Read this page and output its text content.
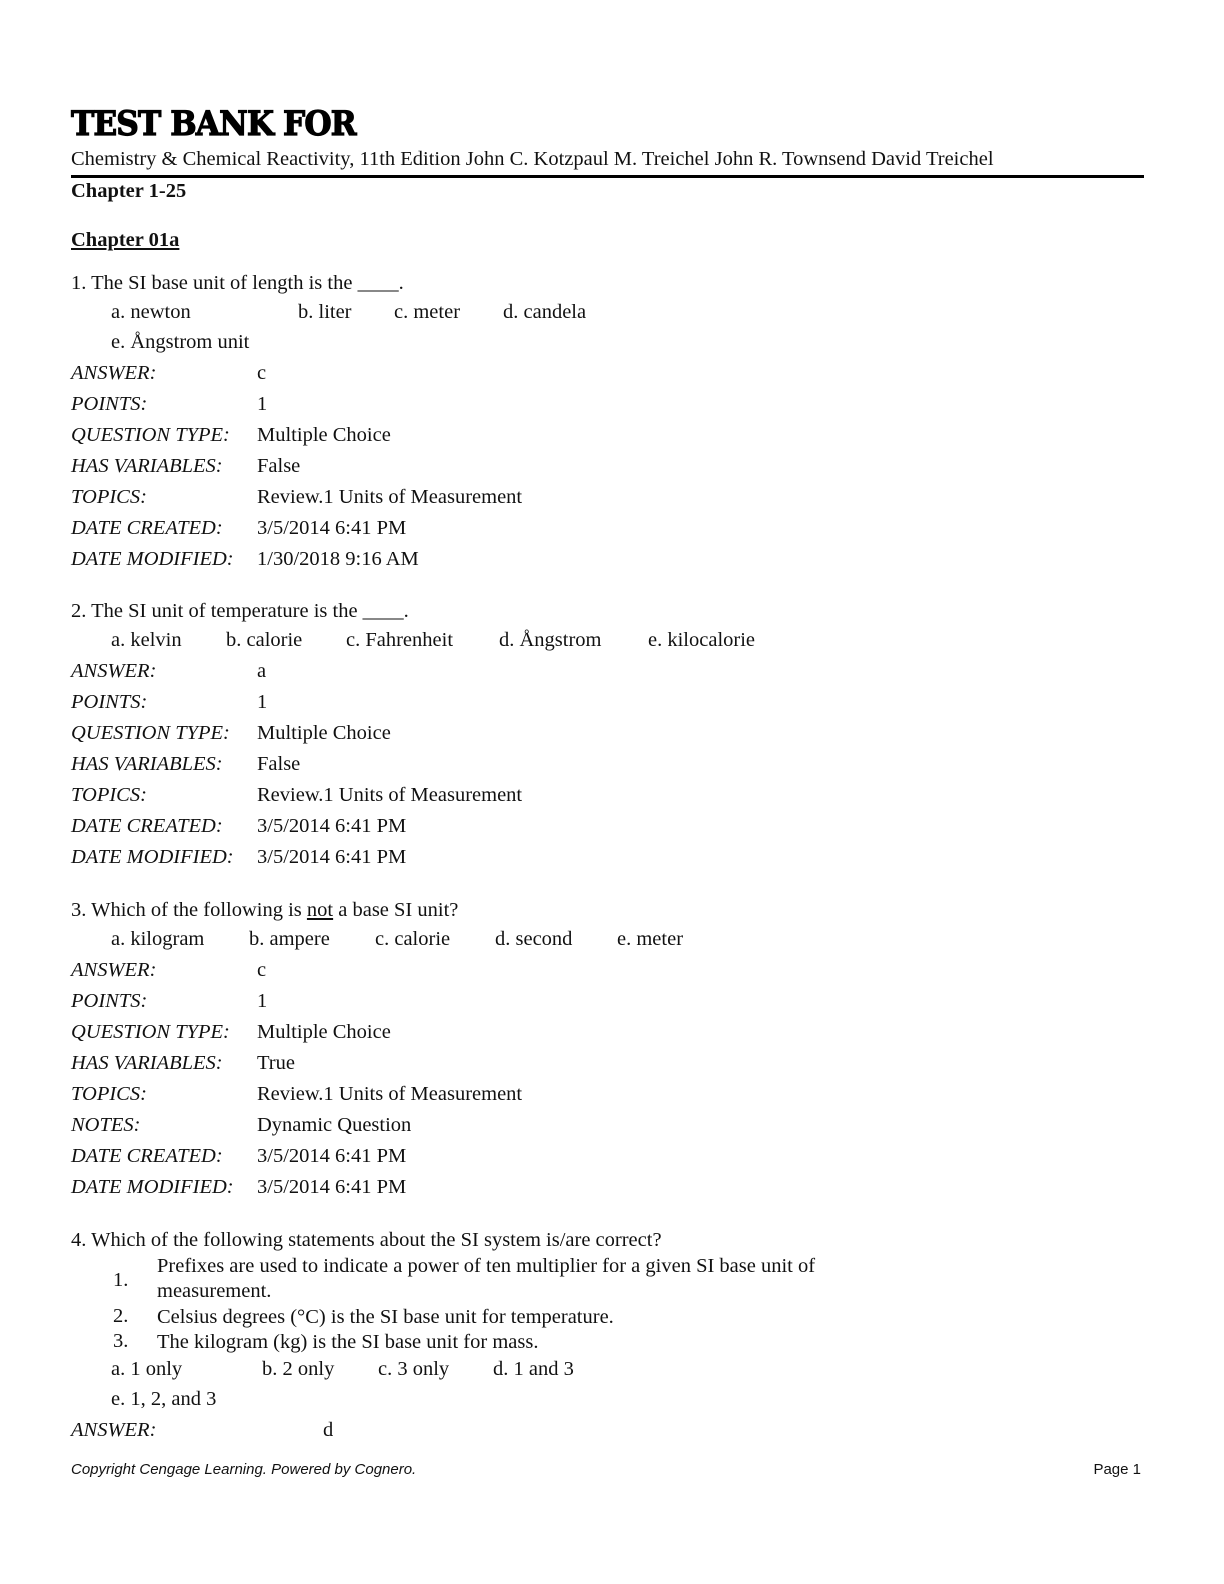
TEST BANK FOR
Chemistry & Chemical Reactivity, 11th Edition John C. Kotzpaul M. Treichel John R. Townsend David Treichel
Chapter 1-25
Chapter 01a
1. The SI base unit of length is the ____.
a. newton	b. liter c. meter d. candela
e. Ångstrom unit
ANSWER:	c
POINTS:	1
QUESTION TYPE: Multiple Choice
HAS VARIABLES: False
TOPICS:	Review.1 Units of Measurement
DATE CREATED: 3/5/2014 6:41 PM
DATE MODIFIED: 1/30/2018 9:16 AM
2. The SI unit of temperature is the ____.
a. kelvin b. calorie c. Fahrenheit d. Ångstrom e. kilocalorie
ANSWER:	a
POINTS:	1
QUESTION TYPE: Multiple Choice
HAS VARIABLES: False
TOPICS:	Review.1 Units of Measurement
DATE CREATED: 3/5/2014 6:41 PM
DATE MODIFIED: 3/5/2014 6:41 PM
3. Which of the following is not a base SI unit?
a. kilogram b. ampere c. calorie d. second e. meter
ANSWER:	c
POINTS:	1
QUESTION TYPE: Multiple Choice
HAS VARIABLES: True
TOPICS:	Review.1 Units of Measurement
NOTES:	Dynamic Question
DATE CREATED: 3/5/2014 6:41 PM
DATE MODIFIED: 3/5/2014 6:41 PM
4. Which of the following statements about the SI system is/are correct?
1.
Prefixes are used to indicate a power of ten multiplier for a given SI base unit of measurement.
2. Celsius degrees (°C) is the SI base unit for temperature.
3. The kilogram (kg) is the SI base unit for mass.
a. 1 only	b. 2 only c. 3 only d. 1 and 3
e. 1, 2, and 3
ANSWER:	d
Copyright Cengage Learning. Powered by Cognero.	Page 1
